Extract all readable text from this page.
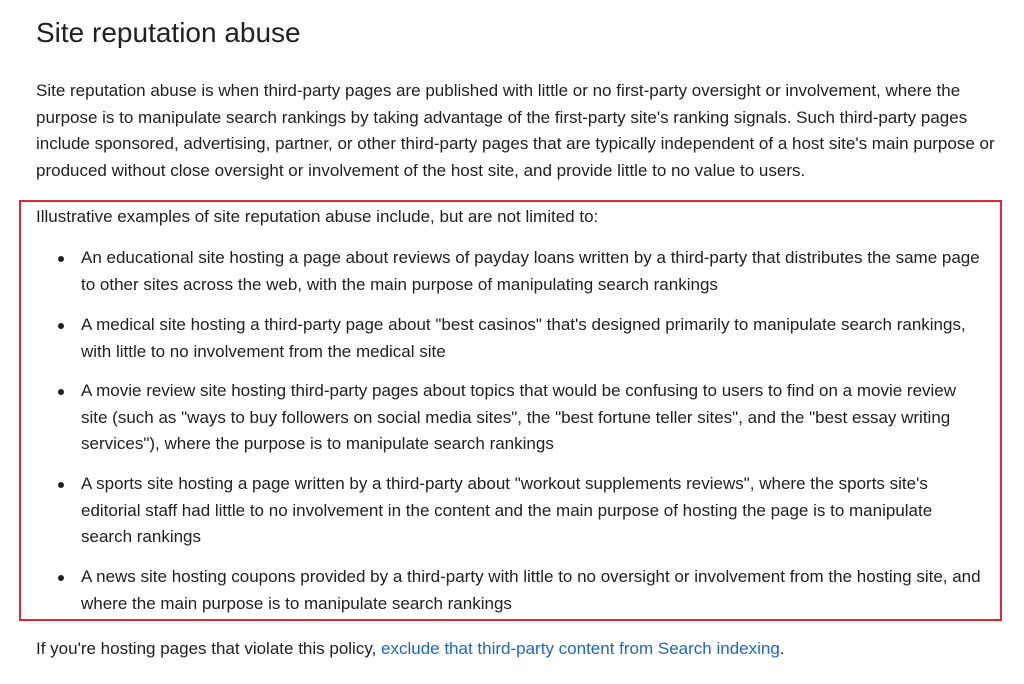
Site reputation abuse

Site reputation abuse is when third-party pages are published with little or no first-party oversight or involvement, where the purpose is to manipulate search rankings by taking advantage of the first-party site's ranking signals. Such third-party pages include sponsored, advertising, partner, or other third-party pages that are typically independent of a host site's main purpose or produced without close oversight or involvement of the host site, and provide little to no value to users.

Illustrative examples of site reputation abuse include, but are not limited to:

An educational site hosting a page about reviews of payday loans written by a third-party that distributes the same page to other sites across the web, with the main purpose of manipulating search rankings
A medical site hosting a third-party page about "best casinos" that's designed primarily to manipulate search rankings, with little to no involvement from the medical site
A movie review site hosting third-party pages about topics that would be confusing to users to find on a movie review site (such as "ways to buy followers on social media sites", the "best fortune teller sites", and the "best essay writing services"), where the purpose is to manipulate search rankings
A sports site hosting a page written by a third-party about "workout supplements reviews", where the sports site's editorial staff had little to no involvement in the content and the main purpose of hosting the page is to manipulate search rankings
A news site hosting coupons provided by a third-party with little to no oversight or involvement from the hosting site, and where the main purpose is to manipulate search rankings

If you're hosting pages that violate this policy, exclude that third-party content from Search indexing.
